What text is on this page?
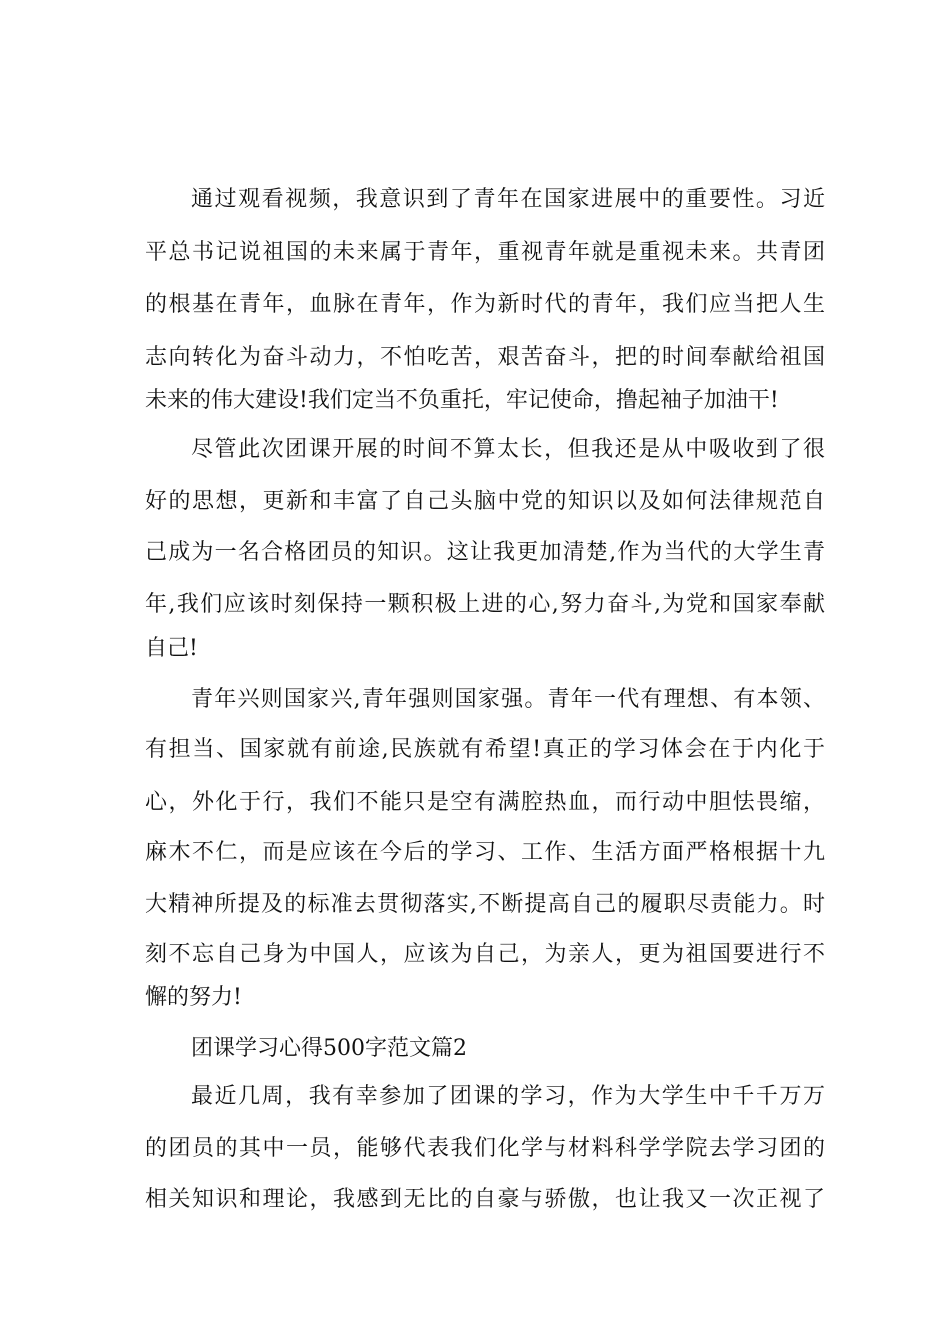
通过观看视频，我意识到了青年在国家进展中的重要性。习近
平总书记说祖国的未来属于青年，重视青年就是重视未来。共青团
的根基在青年，血脉在青年，作为新时代的青年，我们应当把人生
志向转化为奋斗动力，不怕吃苦，艰苦奋斗，把的时间奉献给祖国
未来的伟大建设!我们定当不负重托，牢记使命，撸起袖子加油干!
尽管此次团课开展的时间不算太长，但我还是从中吸收到了很
好的思想，更新和丰富了自己头脑中党的知识以及如何法律规范自
己成为一名合格团员的知识。这让我更加清楚,作为当代的大学生青
年,我们应该时刻保持一颗积极上进的心,努力奋斗,为党和国家奉献
自己!
青年兴则国家兴,青年强则国家强。青年一代有理想、有本领、
有担当、国家就有前途,民族就有希望!真正的学习体会在于内化于
心，外化于行，我们不能只是空有满腔热血，而行动中胆怯畏缩，
麻木不仁，而是应该在今后的学习、工作、生活方面严格根据十九
大精神所提及的标准去贯彻落实,不断提高自己的履职尽责能力。时
刻不忘自己身为中国人，应该为自己，为亲人，更为祖国要进行不
懈的努力!
团课学习心得500字范文篇2
最近几周，我有幸参加了团课的学习，作为大学生中千千万万
的团员的其中一员，能够代表我们化学与材料科学学院去学习团的
相关知识和理论，我感到无比的自豪与骄傲，也让我又一次正视了
